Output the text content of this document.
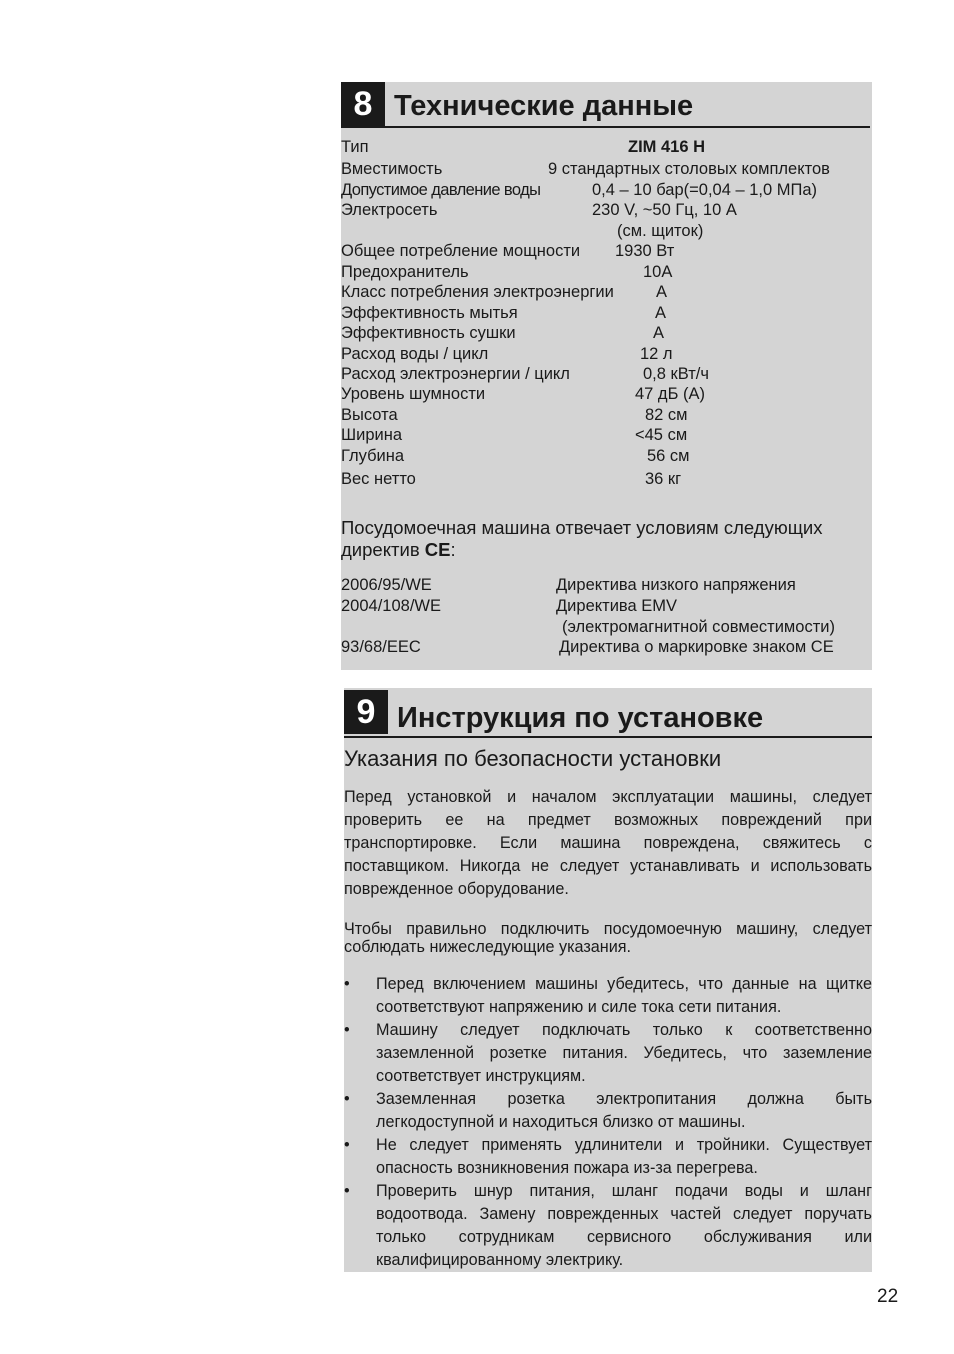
8 Технические данные
Тип	ZIM 416 H
Вместимость	9 стандартных столовых комплектов
Допустимое давление воды	0,4 – 10 бар(=0,04 – 1,0 МПа)
Электросеть	230 V, ~50 Гц, 10 A
(см. щиток)
Общее потребление мощности 1930 Вт
Предохранитель	10A
Класс потребления электроэнергии	A
Эффективность мытья	A
Эффективность сушки	A
Расход воды / цикл	12 л
Расход электроэнергии / цикл	0,8 кВт/ч
Уровень шумности	47 дБ (A)
Высота	82 см
Ширина	<45 см
Глубина	56 см
Вес нетто	36 кг
Посудомоечная машина отвечает условиям следующих директив CE:
2006/95/WE	Директива низкого напряжения
2004/108/WE	Директива EMV
(электромагнитной совместимости)
93/68/EEC	Директива о маркировке знаком CE
9 Инструкция по установке
Указания по безопасности установки
Перед установкой и началом эксплуатации машины, следует проверить ее на предмет возможных повреждений при транспортировке. Если машина повреждена, свяжитесь с поставщиком. Никогда не следует устанавливать и использовать поврежденное оборудование.
Чтобы правильно подключить посудомоечную машину, следует соблюдать нижеследующие указания.
• Перед включением машины убедитесь, что данные на щитке соответствуют напряжению и силе тока сети питания.
• Машину следует подключать только к соответственно заземленной розетке питания. Убедитесь, что заземление соответствует инструкциям.
• Заземленная розетка электропитания должна быть легкодоступной и находиться близко от машины.
• Не следует применять удлинители и тройники. Существует опасность возникновения пожара из-за перегрева.
• Проверить шнур питания, шланг подачи воды и шланг водоотвода. Замену поврежденных частей следует поручать только сотрудникам сервисного обслуживания или квалифицированному электрику.
22
